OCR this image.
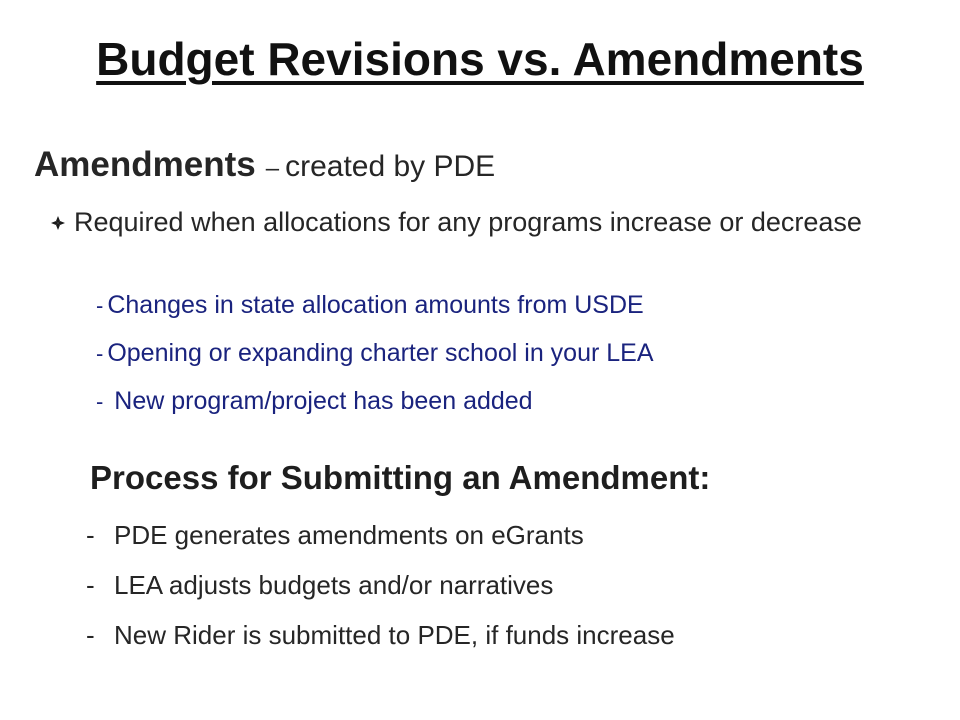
Budget Revisions vs. Amendments
Amendments – created by PDE
Required when allocations for any programs increase or decrease
- Changes in state allocation amounts from USDE
- Opening or expanding charter school in your LEA
- New program/project has been added
Process for Submitting an Amendment:
- PDE generates amendments on eGrants
- LEA adjusts budgets and/or narratives
- New Rider is submitted to PDE, if funds increase
